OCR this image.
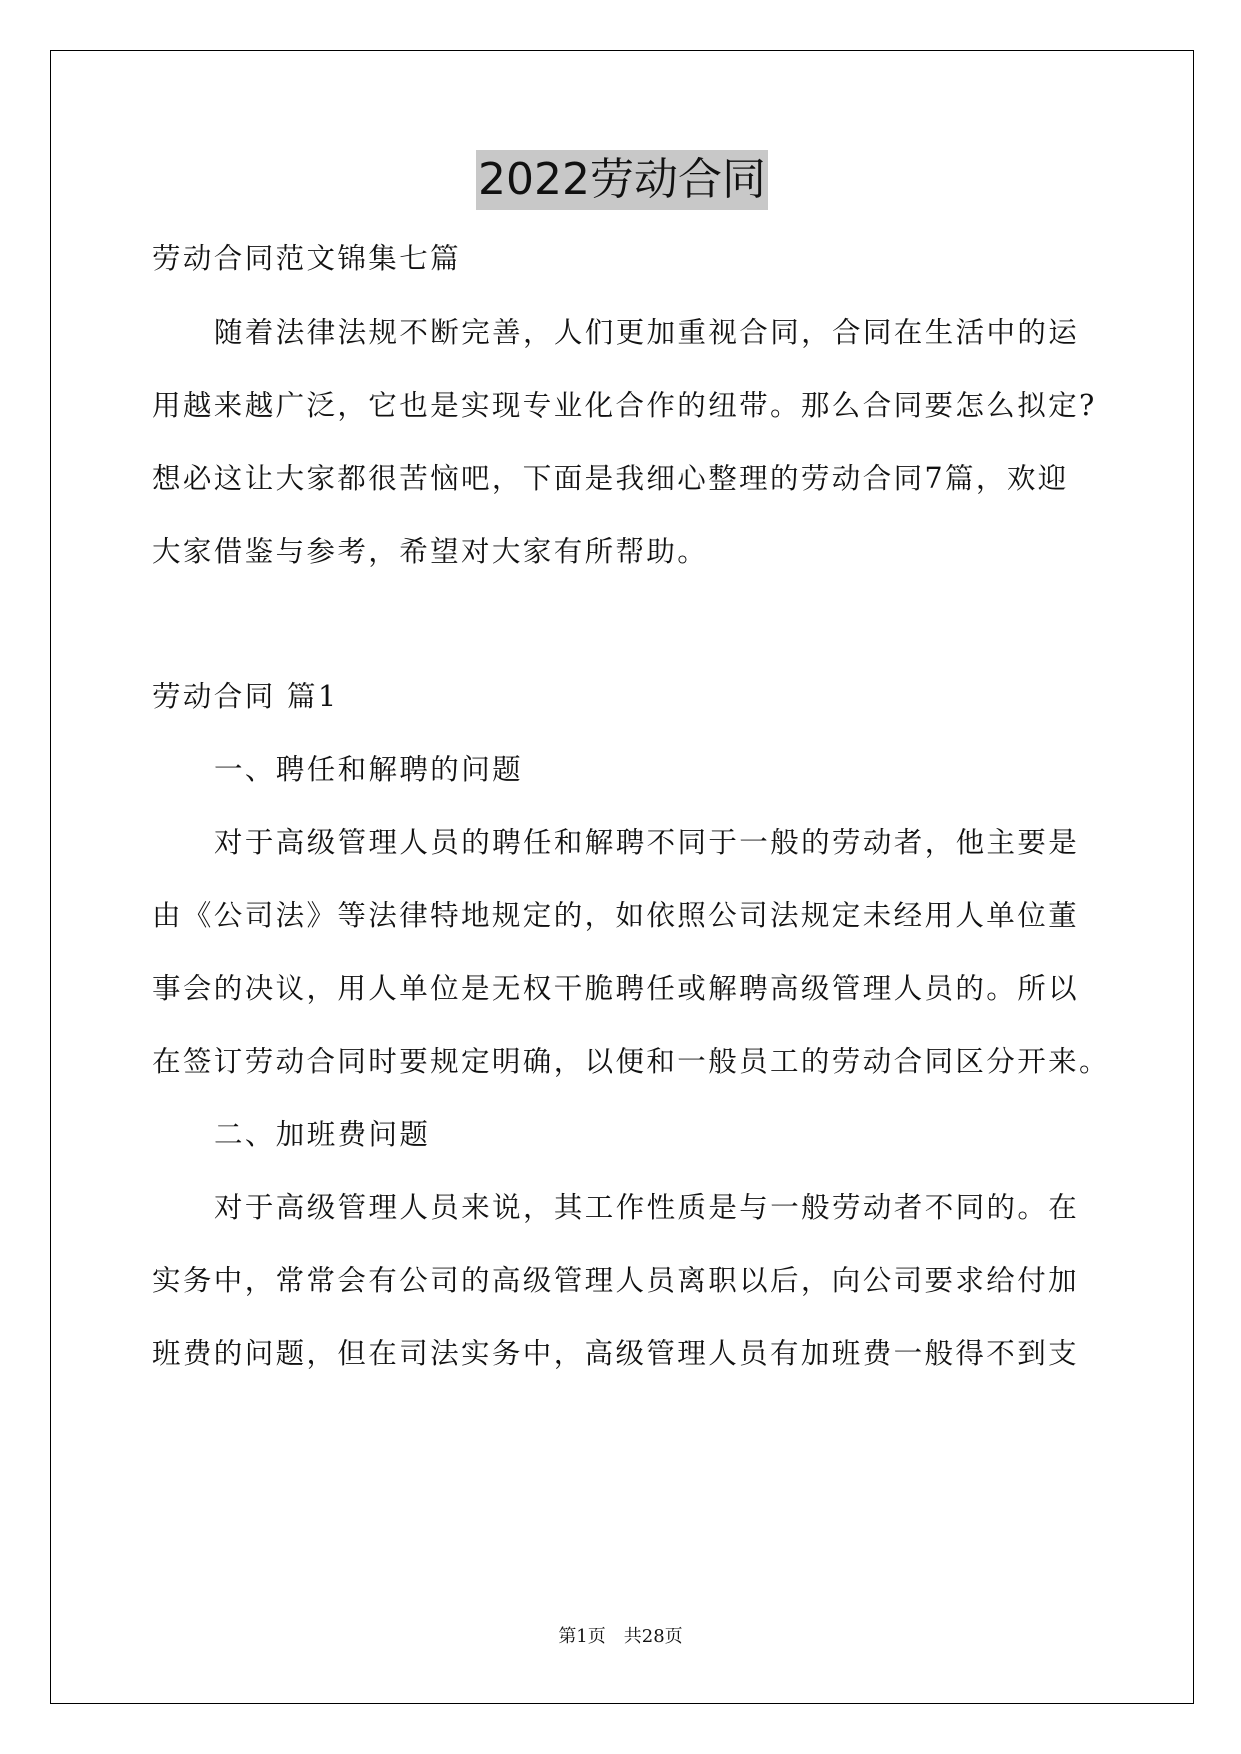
2022劳动合同
劳动合同范文锦集七篇
随着法律法规不断完善，人们更加重视合同，合同在生活中的运
用越来越广泛，它也是实现专业化合作的纽带。那么合同要怎么拟定?
想必这让大家都很苦恼吧，下面是我细心整理的劳动合同7篇，欢迎
大家借鉴与参考，希望对大家有所帮助。
劳动合同 篇1
一、聘任和解聘的问题
对于高级管理人员的聘任和解聘不同于一般的劳动者，他主要是
由《公司法》等法律特地规定的，如依照公司法规定未经用人单位董
事会的决议，用人单位是无权干脆聘任或解聘高级管理人员的。所以
在签订劳动合同时要规定明确，以便和一般员工的劳动合同区分开来。
二、加班费问题
对于高级管理人员来说，其工作性质是与一般劳动者不同的。在
实务中，常常会有公司的高级管理人员离职以后，向公司要求给付加
班费的问题，但在司法实务中，高级管理人员有加班费一般得不到支
第1页　共28页
